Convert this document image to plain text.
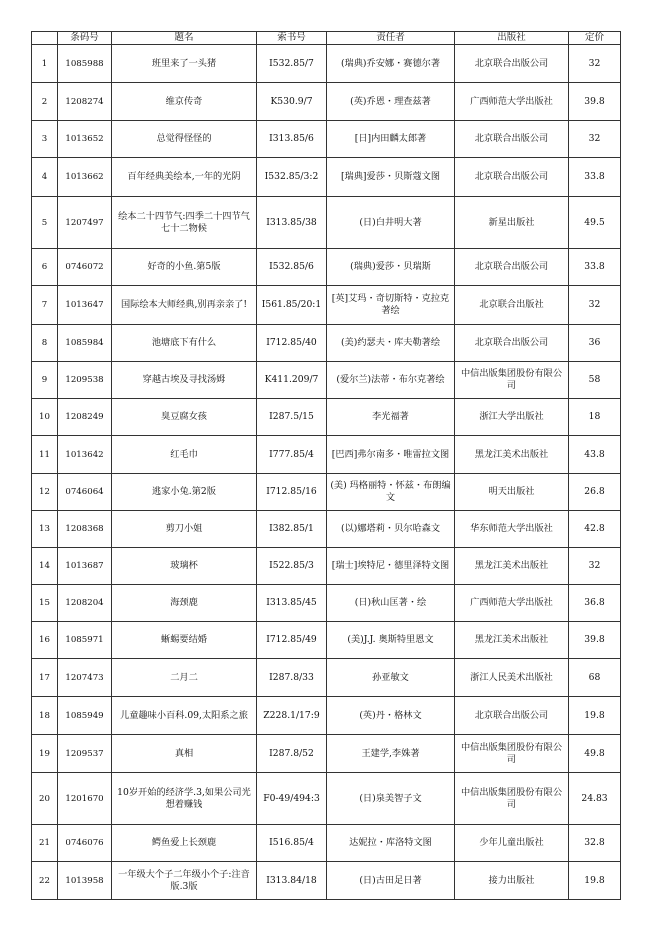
	条码号	题名	索书号	责任者	出版社	定价
1	1085988	班里来了一头猪	I532.85/7	(瑞典)乔安娜・赛德尔著	北京联合出版公司	32
2	1208274	维京传奇	K530.9/7	(英)乔恩・理查兹著	广西师范大学出版社	39.8
3	1013652	总觉得怪怪的	I313.85/6	[日]内田麟太郎著	北京联合出版公司	32
4	1013662	百年经典美绘本,一年的光阴	I532.85/3:2	[瑞典]爱莎・贝斯蔻文图	北京联合出版公司	33.8
5	1207497	绘本二十四节气:四季二十四节气七十二物候	I313.85/38	(日)白井明大著	新星出版社	49.5
6	0746072	好奇的小鱼.第5版	I532.85/6	(瑞典)爱莎・贝瑞斯	北京联合出版公司	33.8
7	1013647	国际绘本大师经典,别再亲亲了!	I561.85/20:1	[英]艾玛・奇切斯特・克拉克著绘	北京联合出版社	32
8	1085984	池塘底下有什么	I712.85/40	(美)约瑟夫・库夫勒著绘	北京联合出版公司	36
9	1209538	穿越古埃及寻找汤姆	K411.209/7	(爱尔兰)法蒂・布尔克著绘	中信出版集团股份有限公司	58
10	1208249	臭豆腐女孩	I287.5/15	李光福著	浙江大学出版社	18
11	1013642	红毛巾	I777.85/4	[巴西]弗尔南多・唯雷拉文图	黑龙江美术出版社	43.8
12	0746064	逃家小兔.第2版	I712.85/16	(美) 玛格丽特・怀兹・布朗编文	明天出版社	26.8
13	1208368	剪刀小姐	I382.85/1	(以)娜塔莉・贝尔哈森文	华东师范大学出版社	42.8
14	1013687	玻璃杯	I522.85/3	[瑞士]埃特尼・德里泽特文图	黑龙江美术出版社	32
15	1208204	海颈鹿	I313.85/45	(日)秋山匡著・绘	广西师范大学出版社	36.8
16	1085971	蜥蜴要结婚	I712.85/49	(美)J.J. 奥斯特里恩文	黑龙江美术出版社	39.8
17	1207473	二月二	I287.8/33	孙亚敏文	浙江人民美术出版社	68
18	1085949	儿童趣味小百科.09,太阳系之旅	Z228.1/17:9	(英)丹・格林文	北京联合出版公司	19.8
19	1209537	真相	I287.8/52	王建学,李姝著	中信出版集团股份有限公司	49.8
20	1201670	10岁开始的经济学.3,如果公司光想着赚钱	F0-49/494:3	(日)泉美智子文	中信出版集团股份有限公司	24.83
21	0746076	鳄鱼爱上长颈鹿	I516.85/4	达妮拉・库洛特文图	少年儿童出版社	32.8
22	1013958	一年级大个子二年级小个子:注音版.3版	I313.84/18	(日)古田足日著	接力出版社	19.8
